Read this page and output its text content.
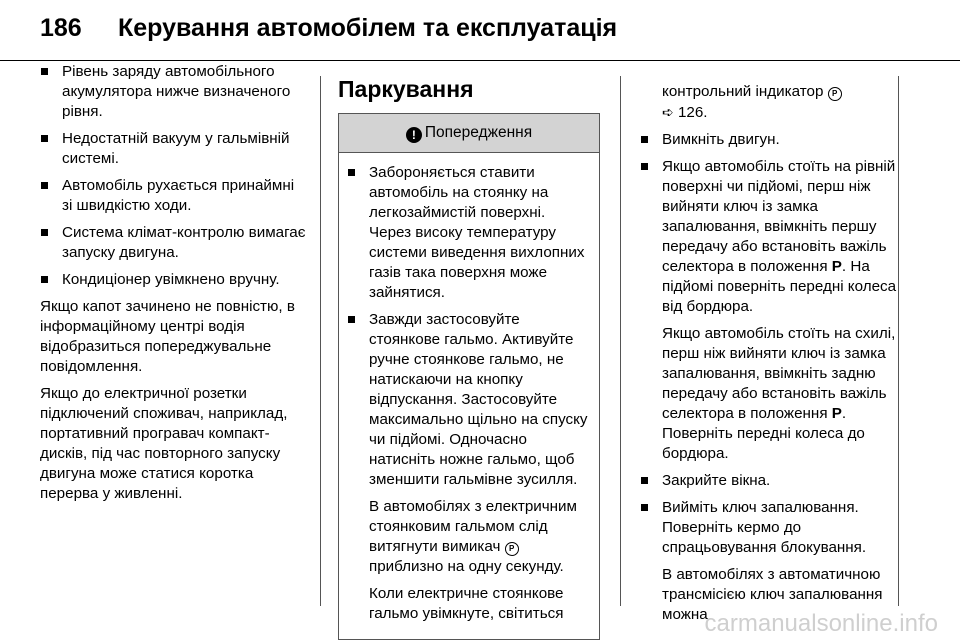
186 Керування автомобілем та експлуатація
Рівень заряду автомобільного акумулятора нижче визначеного рівня.
Недостатній вакуум у гальмівній системі.
Автомобіль рухається принаймні зі швидкістю ходи.
Система клімат-контролю вимагає запуску двигуна.
Кондиціонер увімкнено вручну.

Якщо капот зачинено не повністю, в інформаційному центрі водія відобразиться попереджувальне повідомлення.

Якщо до електричної розетки підключений споживач, наприклад, портативний програвач компакт-дисків, під час повторного запуску двигуна може статися коротка перерва у живленні.

Паркування
! Попередження
Забороняється ставити автомобіль на стоянку на легкозаймистій поверхні. Через високу температуру системи виведення вихлопних газів така поверхня може зайнятися.
Завжди застосовуйте стоянкове гальмо. Активуйте ручне стоянкове гальмо, не натискаючи на кнопку відпускання. Застосовуйте максимально щільно на спуску чи підйомі. Одночасно натисніть ножне гальмо, щоб зменшити гальмівне зусилля.

В автомобілях з електричним стоянковим гальмом слід витягнути вимикач P
приблизно на одну секунду.

Коли електричне стоянкове гальмо увімкнуте, світиться

контрольний індикатор P
➪ 126.

Вимкніть двигун.
Якщо автомобіль стоїть на рівній поверхні чи підйомі, перш ніж вийняти ключ із замка запалювання, ввімкніть першу передачу або встановіть важіль селектора в положення P. На підйомі поверніть передні колеса від бордюра.

Якщо автомобіль стоїть на схилі, перш ніж вийняти ключ із замка запалювання, ввімкніть задню передачу або встановіть важіль селектора в положення P. Поверніть передні колеса до бордюра.

Закрийте вікна.
Вийміть ключ запалювання. Поверніть кермо до спрацьовування блокування.

В автомобілях з автоматичною трансмісією ключ запалювання можна

carmanualsonline.info
